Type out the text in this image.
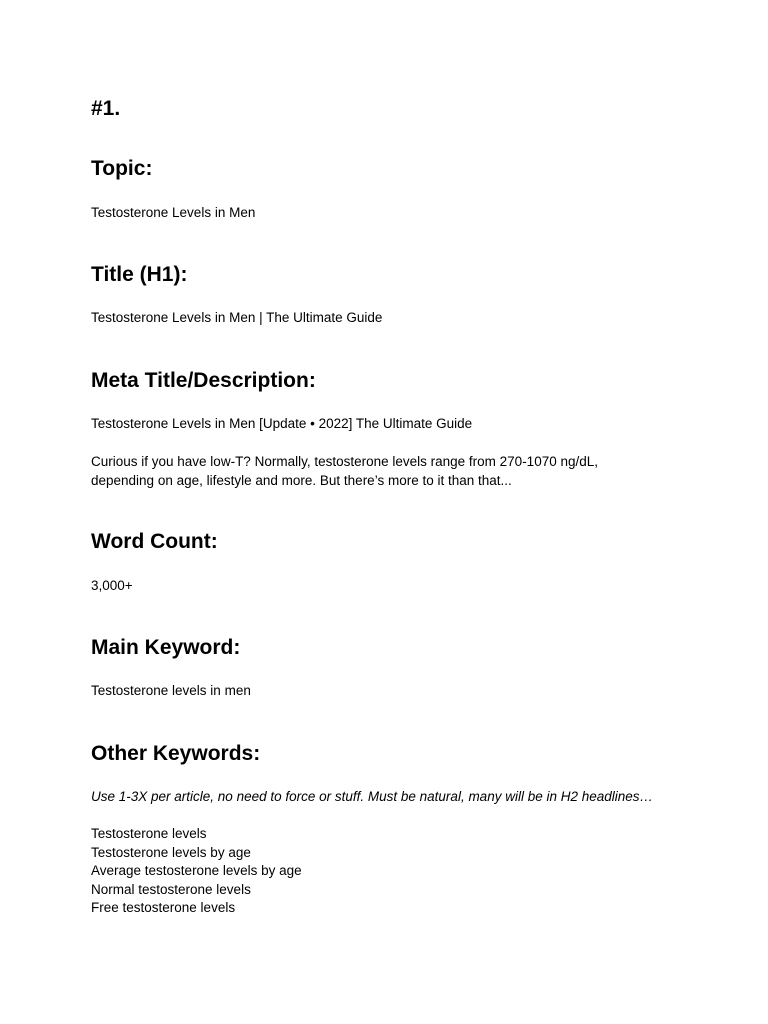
#1.
Topic:

Testosterone Levels in Men

Title (H1):

Testosterone Levels in Men | The Ultimate Guide

Meta Title/Description:

Testosterone Levels in Men [Update • 2022] The Ultimate Guide

Curious if you have low-T? Normally, testosterone levels range from 270-1070 ng/dL,

depending on age, lifestyle and more. But there’s more to it than that...

Word Count:

3,000+

Main Keyword:

Testosterone levels in men

Other Keywords:

Use 1-3X per article, no need to force or stuff. Must be natural, many will be in H2 headlines…

Testosterone levels
Testosterone levels by age
Average testosterone levels by age
Normal testosterone levels
Free testosterone levels
